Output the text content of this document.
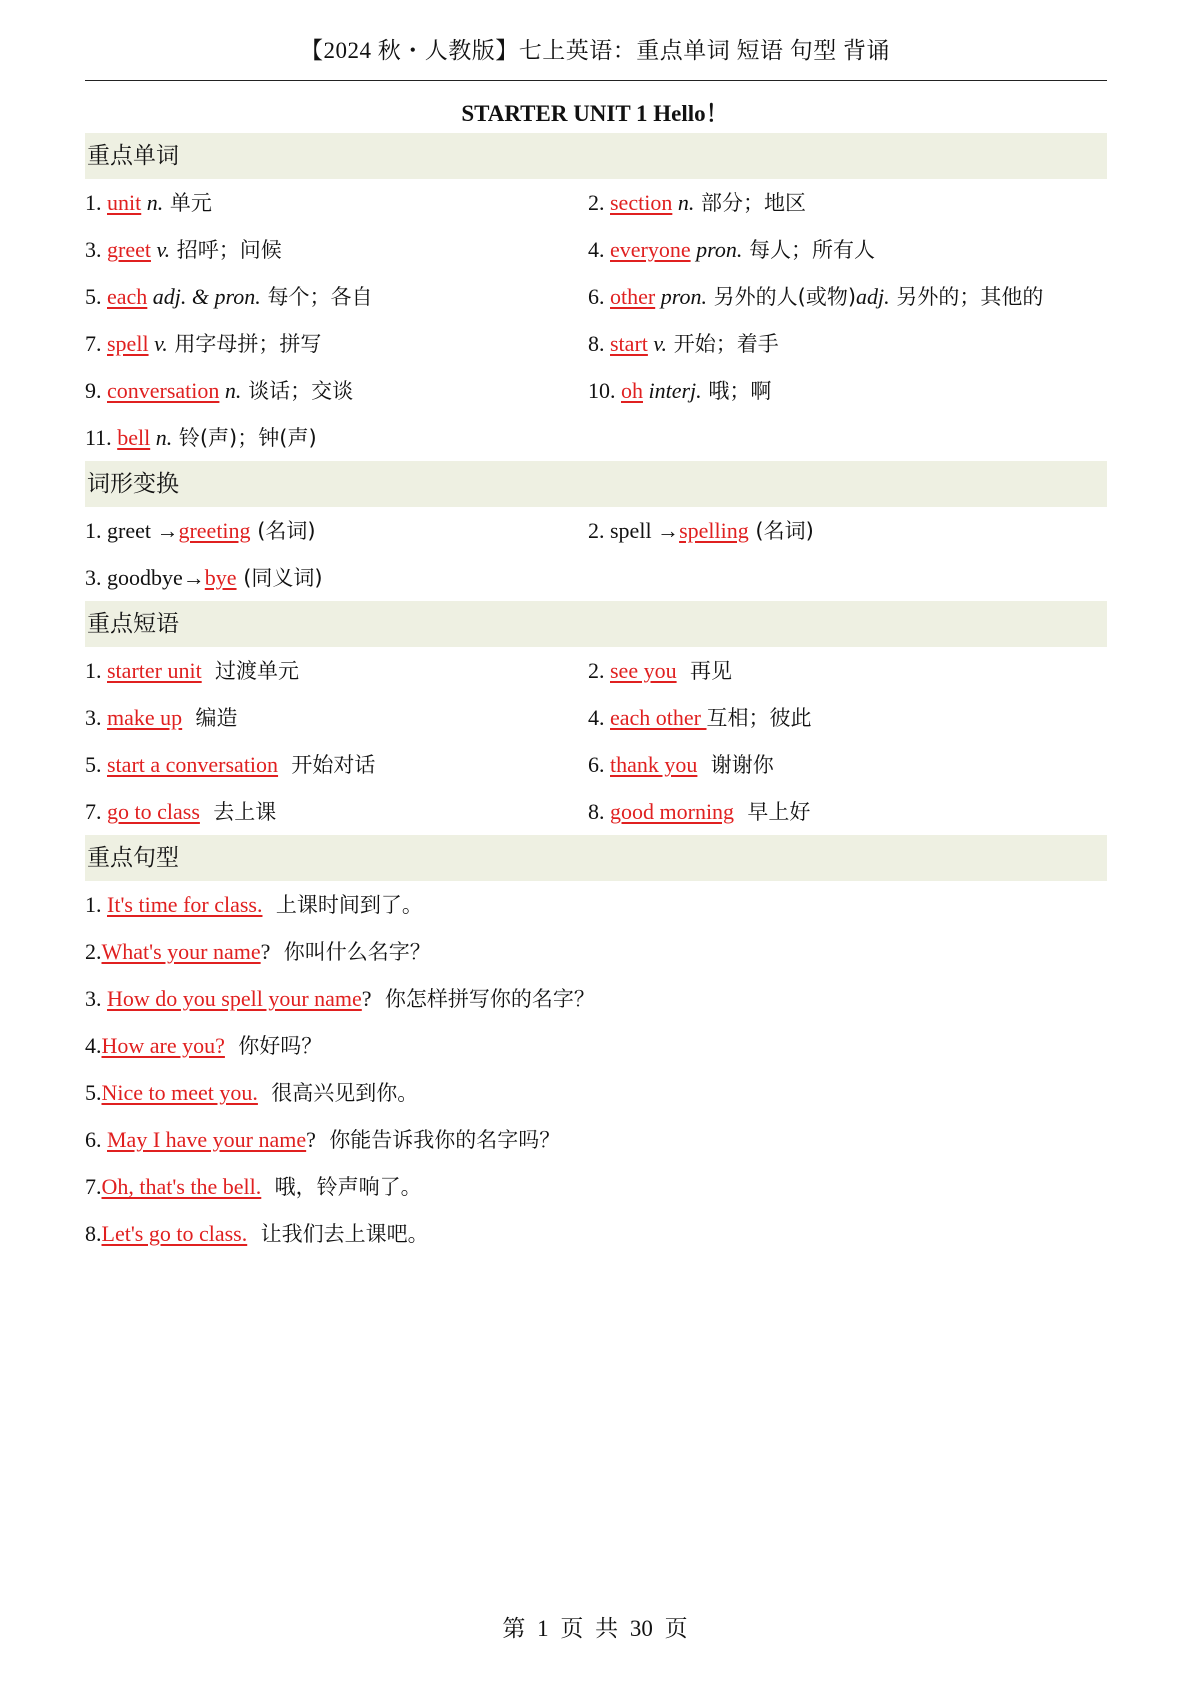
【2024 秋・人教版】七上英语：重点单词 短语 句型 背诵
STARTER UNIT 1 Hello！
重点单词
1. unit n. 单元	2. section n. 部分；地区
3. greet v. 招呼；问候	4. everyone pron. 每人；所有人
5. each adj. & pron. 每个；各自	6. other pron. 另外的人(或物)adj. 另外的；其他的
7. spell v. 用字母拼；拼写	8. start v. 开始；着手
9. conversation n. 谈话；交谈	10. oh interj. 哦；啊
11. bell n. 铃(声)；钟(声)
词形变换
1. greet →greeting (名词)	2. spell →spelling (名词)
3. goodbye→bye (同义词)
重点短语
1. starter unit  过渡单元	2. see you  再见
3. make up  编造	4. each other 互相；彼此
5. start a conversation  开始对话	6. thank you  谢谢你
7. go to class  去上课	8. good morning  早上好
重点句型
1. It's time for class.  上课时间到了。
2.What's your name?  你叫什么名字？
3. How do you spell your name?  你怎样拼写你的名字？
4.How are you?  你好吗？
5.Nice to meet you.  很高兴见到你。
6. May I have your name?  你能告诉我你的名字吗？
7.Oh, that's the bell.  哦，铃声响了。
8.Let's go to class.  让我们去上课吧。
第 1 页 共 30 页
